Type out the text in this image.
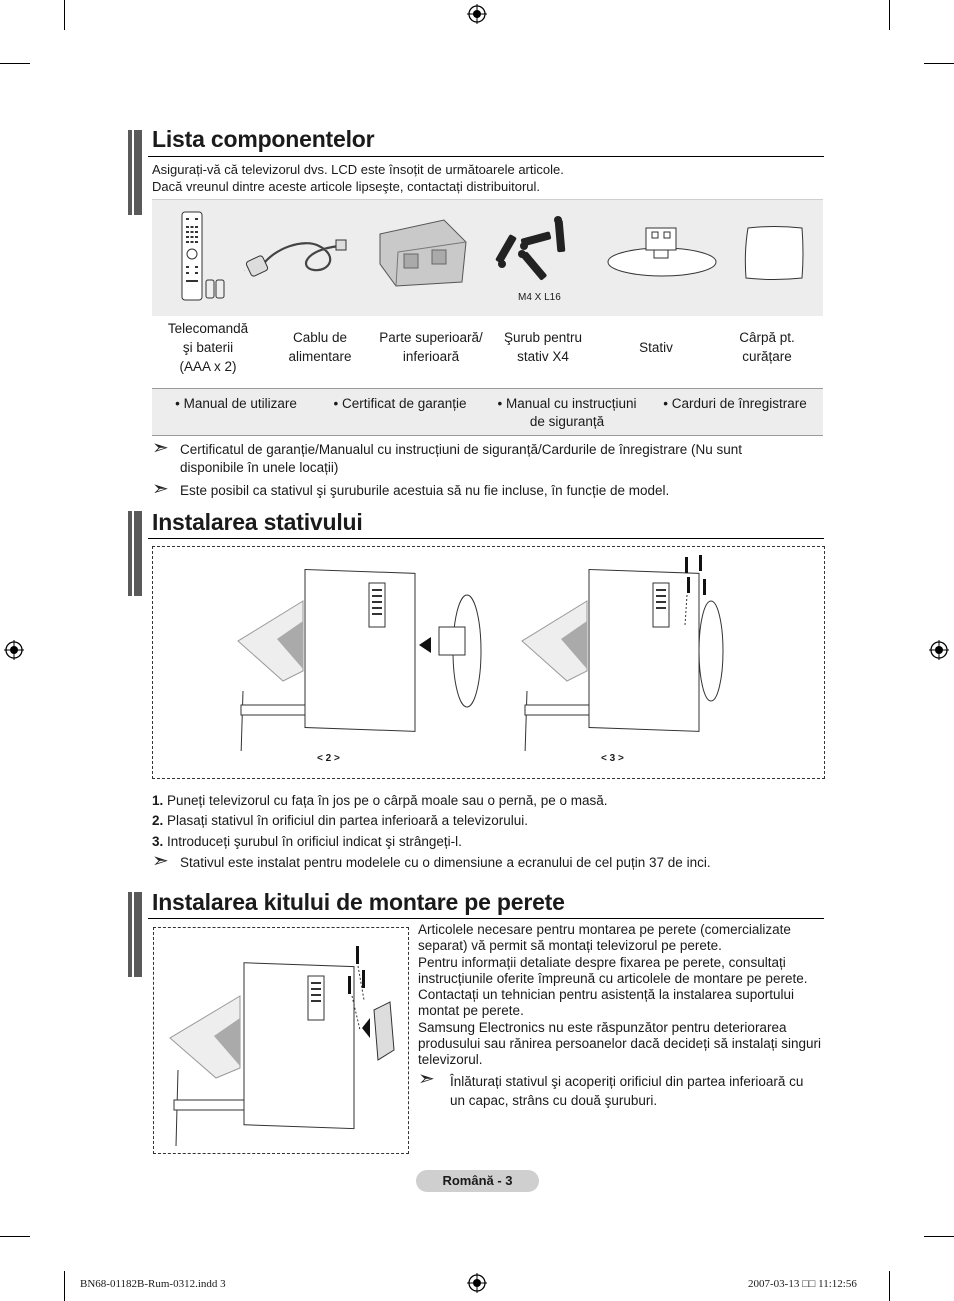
Lista componentelor
Asigurați-vă că televizorul dvs. LCD este însoțit de următoarele articole.
Dacă vreunul dintre aceste articole lipseşte, contactați distribuitorul.
M4 X L16
Telecomandă
şi baterii
(AAA x 2)
Cablu de
alimentare
Parte superioară/
inferioară
Şurub pentru
stativ X4
Stativ
Cârpă pt.
curățare
• Manual de utilizare	• Certificat de garanție	• Manual cu instrucțiuni
de siguranță
• Carduri de înregistrare
➣ Certificatul de garanție/Manualul cu instrucțiuni de siguranță/Cardurile de înregistrare (Nu sunt
disponibile în unele locații)
➣ Este posibil ca stativul şi şuruburile acestuia să nu fie incluse, în funcție de model.
Instalarea stativului
< 2 >	< 3 >
1. Puneți televizorul cu fața în jos pe o cârpă moale sau o pernă, pe o masă.
2. Plasați stativul în orificiul din partea inferioară a televizorului.
3. Introduceți şurubul în orificiul indicat şi strângeți-l.
➣ Stativul este instalat pentru modelele cu o dimensiune a ecranului de cel puțin 37 de inci.
Instalarea kitului de montare pe perete

Articolele necesare pentru montarea pe perete (comercializate separat) vă permit să montați televizorul pe perete.

Pentru informații detaliate despre fixarea pe perete, consultați instrucțiunile oferite împreună cu articolele de montare pe perete. Contactați un tehnician pentru asistență la instalarea suportului montat pe perete.

Samsung Electronics nu este răspunzător pentru deteriorarea produsului sau rănirea persoanelor dacă decideți să instalați singuri televizorul.

➣ Înlăturați stativul şi acoperiți orificiul din partea inferioară cu
un capac, strâns cu două şuruburi.
Română - 3
BN68-01182B-Rum-0312.indd 3	2007-03-13 □□ 11:12:56
